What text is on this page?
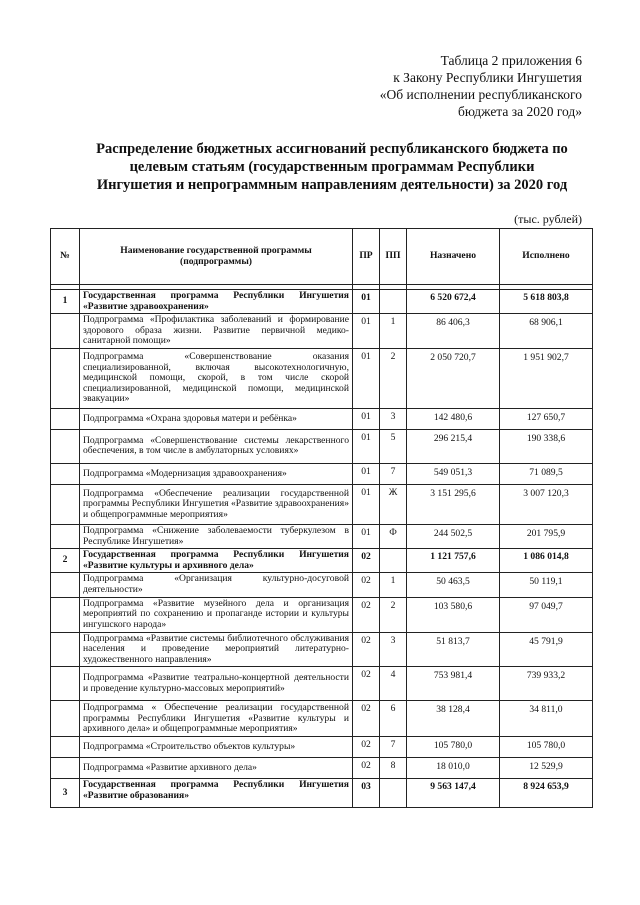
Таблица 2 приложения 6
к Закону Республики Ингушетия
«Об исполнении республиканского
бюджета за 2020 год»
Распределение бюджетных ассигнований республиканского бюджета по
целевым статьям (государственным программам Республики
Ингушетия и непрограммным направлениям деятельности) за 2020 год
(тыс. рублей)
№	Наименование государственной программы (подпрограммы)	ПР	ПП	Назначено	Исполнено

1	Государственная программа Республики Ингушетия «Развитие здравоохранения»	01		6 520 672,4	5 618 803,8
	Подпрограмма «Профилактика заболеваний и формирование здорового образа жизни. Развитие первичной медико-санитарной помощи»	01	1	86 406,3	68 906,1
	Подпрограмма «Совершенствование оказания специализированной, включая высокотехнологичную, медицинской помощи, скорой, в том числе скорой специализированной, медицинской помощи, медицинской эвакуации»	01	2	2 050 720,7	1 951 902,7
	Подпрограмма «Охрана здоровья матери и ребёнка»	01	3	142 480,6	127 650,7
	Подпрограмма «Совершенствование системы лекарственного обеспечения, в том числе в амбулаторных условиях»	01	5	296 215,4	190 338,6
	Подпрограмма «Модернизация здравоохранения»	01	7	549 051,3	71 089,5
	Подпрограмма «Обеспечение реализации государственной программы Республики Ингушетия «Развитие здравоохранения» и общепрограммные мероприятия»	01	Ж	3 151 295,6	3 007 120,3
	Подпрограмма «Снижение заболеваемости туберкулезом в Республике Ингушетия»	01	Ф	244 502,5	201 795,9
2	Государственная программа Республики Ингушетия «Развитие культуры и архивного дела»	02		1 121 757,6	1 086 014,8
	Подпрограмма «Организация культурно-досуговой деятельности»	02	1	50 463,5	50 119,1
	Подпрограмма «Развитие музейного дела и организация мероприятий по сохранению и пропаганде истории и культуры ингушского народа»	02	2	103 580,6	97 049,7
	Подпрограмма «Развитие системы библиотечного обслуживания населения и проведение мероприятий литературно-художественного направления»	02	3	51 813,7	45 791,9
	Подпрограмма «Развитие театрально-концертной деятельности и проведение культурно-массовых мероприятий»	02	4	753 981,4	739 933,2
	Подпрограмма « Обеспечение реализации государственной программы Республики Ингушетия «Развитие культуры и архивного дела» и общепрограммные мероприятия»	02	6	38 128,4	34 811,0
	Подпрограмма «Строительство объектов культуры»	02	7	105 780,0	105 780,0
	Подпрограмма «Развитие архивного дела»	02	8	18 010,0	12 529,9
3	Государственная программа Республики Ингушетия «Развитие образования»	03		9 563 147,4	8 924 653,9
